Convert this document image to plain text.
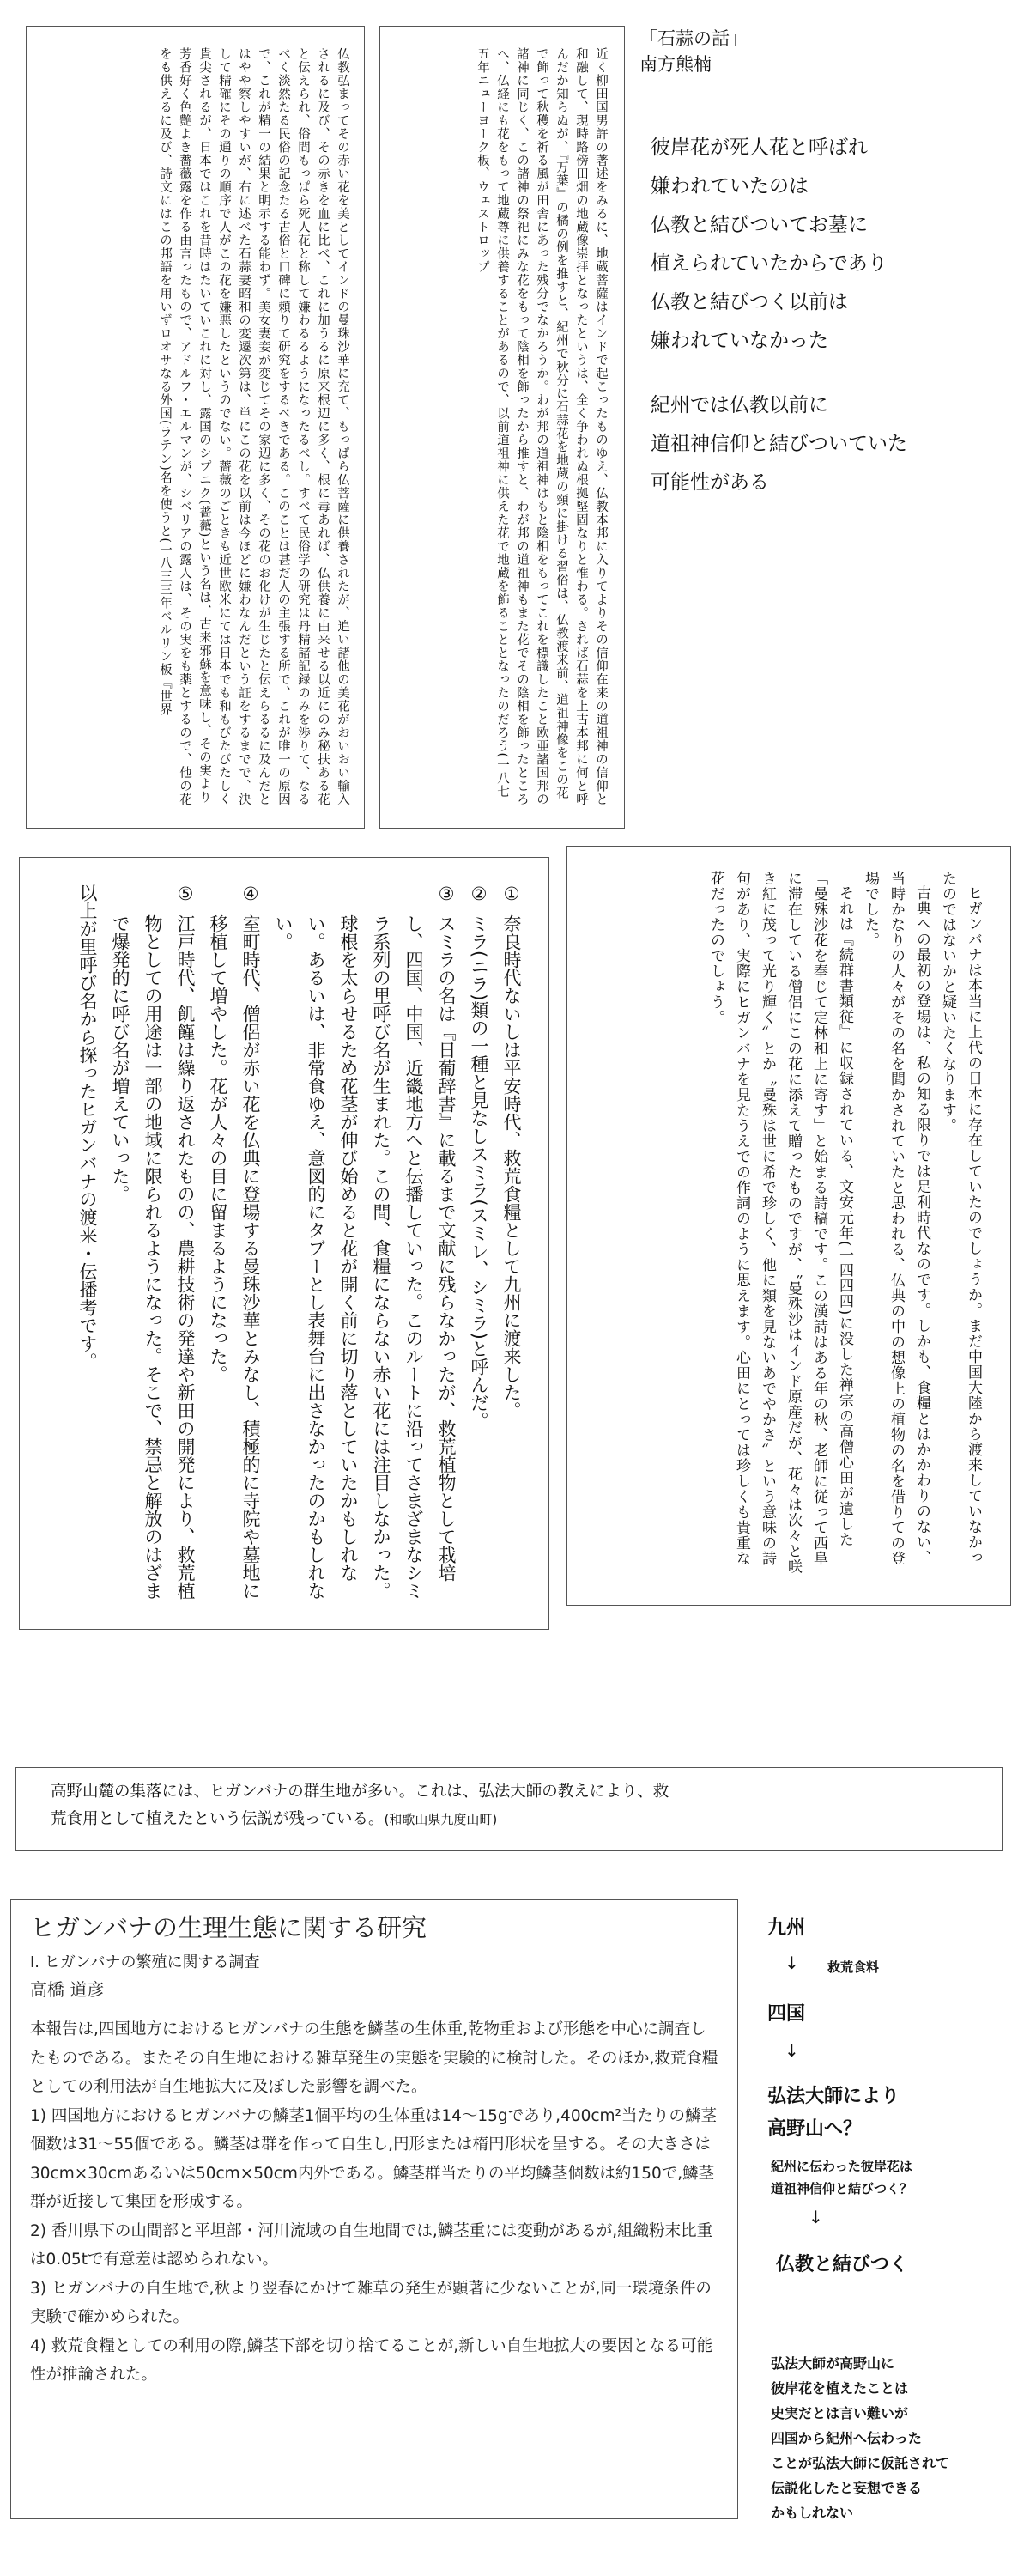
近く柳田国男許の著述をみるに、地蔵菩薩はインドで起こったものゆえ、仏教本邦に入りてよりその信仰在来の道祖神の信仰と和融して、現時路傍田畑の地蔵像崇拝となったというは、全く争われぬ根拠堅固なりと惟わる。されば石蒜を上古本邦に何と呼んだか知らぬが、『万葉』の橘の例を推すと、紀州で秋分に石蒜花を地蔵の頸に掛ける習俗は、仏教渡来前、道祖神像をこの花で飾って秋穫を祈る風が田舎にあった残分でなかろうか。わが邦の道祖神はもと陰相をもってこれを標識したこと欧亜諸国邦の諸神に同じく、この諸神の祭祀にみな花をもって陰相を飾ったから推すと、わが邦の道祖神もまた花でその陰相を飾ったところへ、仏経にも花をもって地蔵尊に供養することがあるので、以前道祖神に供えた花で地蔵を飾ることとなったのだろう(一八七五年ニューヨーク板、ウェストロップ
仏教弘まってその赤い花を美としてインドの曼珠沙華に充て、もっぱら仏菩薩に供養されたが、追い諸他の美花がおいおい輸入されるに及び、その赤きを血に比べ、これに加うるに原来根辺に多く、根に毒あれば、仏供養に由来せる以近にのみ秘扶ある花と伝えられ、俗間もっぱら死人花と称して嫌わるるようになったるべし。すべて民俗学の研究は丹精諸記録のみを渉りて、なるべく淡然たる民俗の記念たる古俗と口碑に頼りて研究をするべきである。このことは甚だ人の主張する所で、これが唯一の原因で、これが精一の結果と明示する能わず。美女妻妾が変じてその家辺に多く、その花のお化けが生じたと伝えらるるに及んだとはやや察しやすいが、右に述べた石蒜妻昭和の変遷次第は、単にこの花を以前は今ほどに嫌わなんだという証をするまでで、決して精確にその通りの順序で人がこの花を嫌悪したというのでない。薔薇のごときも近世欧米にては日本でも和もびたびたしく貴尖されるが、日本ではこれを昔時はたいていこれに対し、露国のシプニク(薔薇)という名は、古来邪蘇を意味し、その実より芳香好く色艶よき薔薇露を作る由言ったもので、アドルフ・エルマンが、シベリアの露人は、その実をも薬とするので、他の花をも供えるに及び、詩文にはこの邦語を用いずロオサなる外国(ラテン)名を使うと(一八三三年ベルリン板『世界
「石蒜の話」
南方熊楠
彼岸花が死人花と呼ばれ
嫌われていたのは
仏教と結びついてお墓に
植えられていたからであり
仏教と結びつく以前は
嫌われていなかった
紀州では仏教以前に
道祖神信仰と結びついていた
可能性がある
①
奈良時代ないしは平安時代、救荒食糧として九州に渡来した。
②
ミラ(ニラ)類の一種と見なしスミラ(スミレ、シミラ)と呼んだ。
③
スミラの名は『日葡辞書』に載るまで文献に残らなかったが、救荒植物として栽培し、四国、中国、近畿地方へと伝播していった。このルートに沿ってさまざまなシミラ系列の里呼び名が生まれた。この間、食糧にならない赤い花には注目しなかった。球根を太らせるため花茎が伸び始めると花が開く前に切り落としていたかもしれない。あるいは、非常食ゆえ、意図的にタブーとし表舞台に出さなかったのかもしれない。
④
室町時代、僧侶が赤い花を仏典に登場する曼珠沙華とみなし、積極的に寺院や墓地に移植して増やした。花が人々の目に留まるようになった。
⑤
江戸時代、飢饉は繰り返されたものの、農耕技術の発達や新田の開発により、救荒植物としての用途は一部の地域に限られるようになった。そこで、禁忌と解放のはざまで爆発的に呼び名が増えていった。
以上が里呼び名から探ったヒガンバナの渡来・伝播考です。	ヒガンバナは本当に上代の日本に存在していたのでしょうか。まだ中国大陸から渡来していなかったのではないかと疑いたくなります。
古典への最初の登場は、私の知る限りでは足利時代なのです。しかも、食糧とはかかわりのない、当時かなりの人々がその名を聞かされていたと思われる、仏典の中の想像上の植物の名を借りての登場でした。
それは『続群書類従』に収録されている、文安元年(一四四四)に没した禅宗の高僧心田が遺した「曼殊沙花を奉じて定林和上に寄す」と始まる詩稿です。この漢詩はある年の秋、老師に従って西阜に滞在している僧侶にこの花に添えて贈ったものですが、〝曼殊沙はインド原産だが、花々は次々と咲き紅に茂って光り輝く〟とか〝曼殊は世に希で珍しく、他に類を見ないあでやかさ〟という意味の詩句があり、実際にヒガンバナを見たうえでの作詞のように思えます。心田にとっては珍しくも貴重な花だったのでしょう。
高野山麓の集落には、ヒガンバナの群生地が多い。これは、弘法大師の教えにより、救
荒食用として植えたという伝説が残っている。(和歌山県九度山町)
ヒガンバナの生理生態に関する研究
I. ヒガンバナの繁殖に関する調査
高橋 道彦
本報告は,四国地方におけるヒガンバナの生態を鱗茎の生体重,乾物重および形態を中心に調査したものである。またその自生地における雑草発生の実態を実験的に検討した。そのほか,救荒食糧としての利用法が自生地拡大に及ぼした影響を調べた。
1) 四国地方におけるヒガンバナの鱗茎1個平均の生体重は14～15gであり,400cm²当たりの鱗茎個数は31～55個である。鱗茎は群を作って自生し,円形または楕円形状を呈する。その大きさは30cm×30cmあるいは50cm×50cm内外である。鱗茎群当たりの平均鱗茎個数は約150で,鱗茎群が近接して集団を形成する。
2) 香川県下の山間部と平坦部・河川流域の自生地間では,鱗茎重には変動があるが,組織粉末比重は0.05tで有意差は認められない。
3) ヒガンバナの自生地で,秋より翌春にかけて雑草の発生が顕著に少ないことが,同一環境条件の実験で確かめられた。
4) 救荒食糧としての利用の際,鱗茎下部を切り捨てることが,新しい自生地拡大の要因となる可能性が推論された。
九州
↓ 救荒食料
四国
↓
弘法大師により
高野山へ？
紀州に伝わった彼岸花は
道祖神信仰と結びつく？
↓
仏教と結びつく
弘法大師が高野山に
彼岸花を植えたことは
史実だとは言い難いが
四国から紀州へ伝わった
ことが弘法大師に仮託されて
伝説化したと妄想できる
かもしれない
